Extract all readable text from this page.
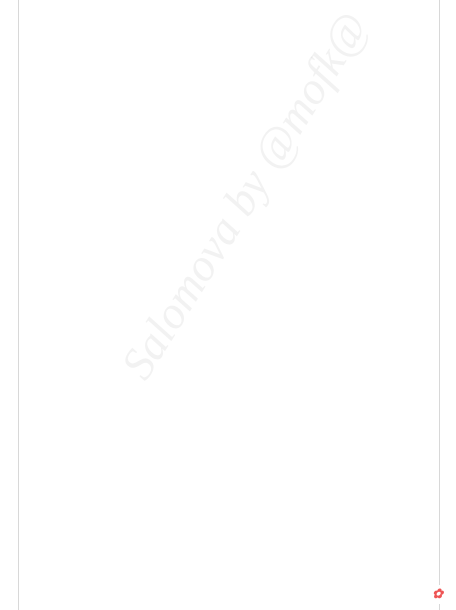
Salomova by @mofk@
✿
